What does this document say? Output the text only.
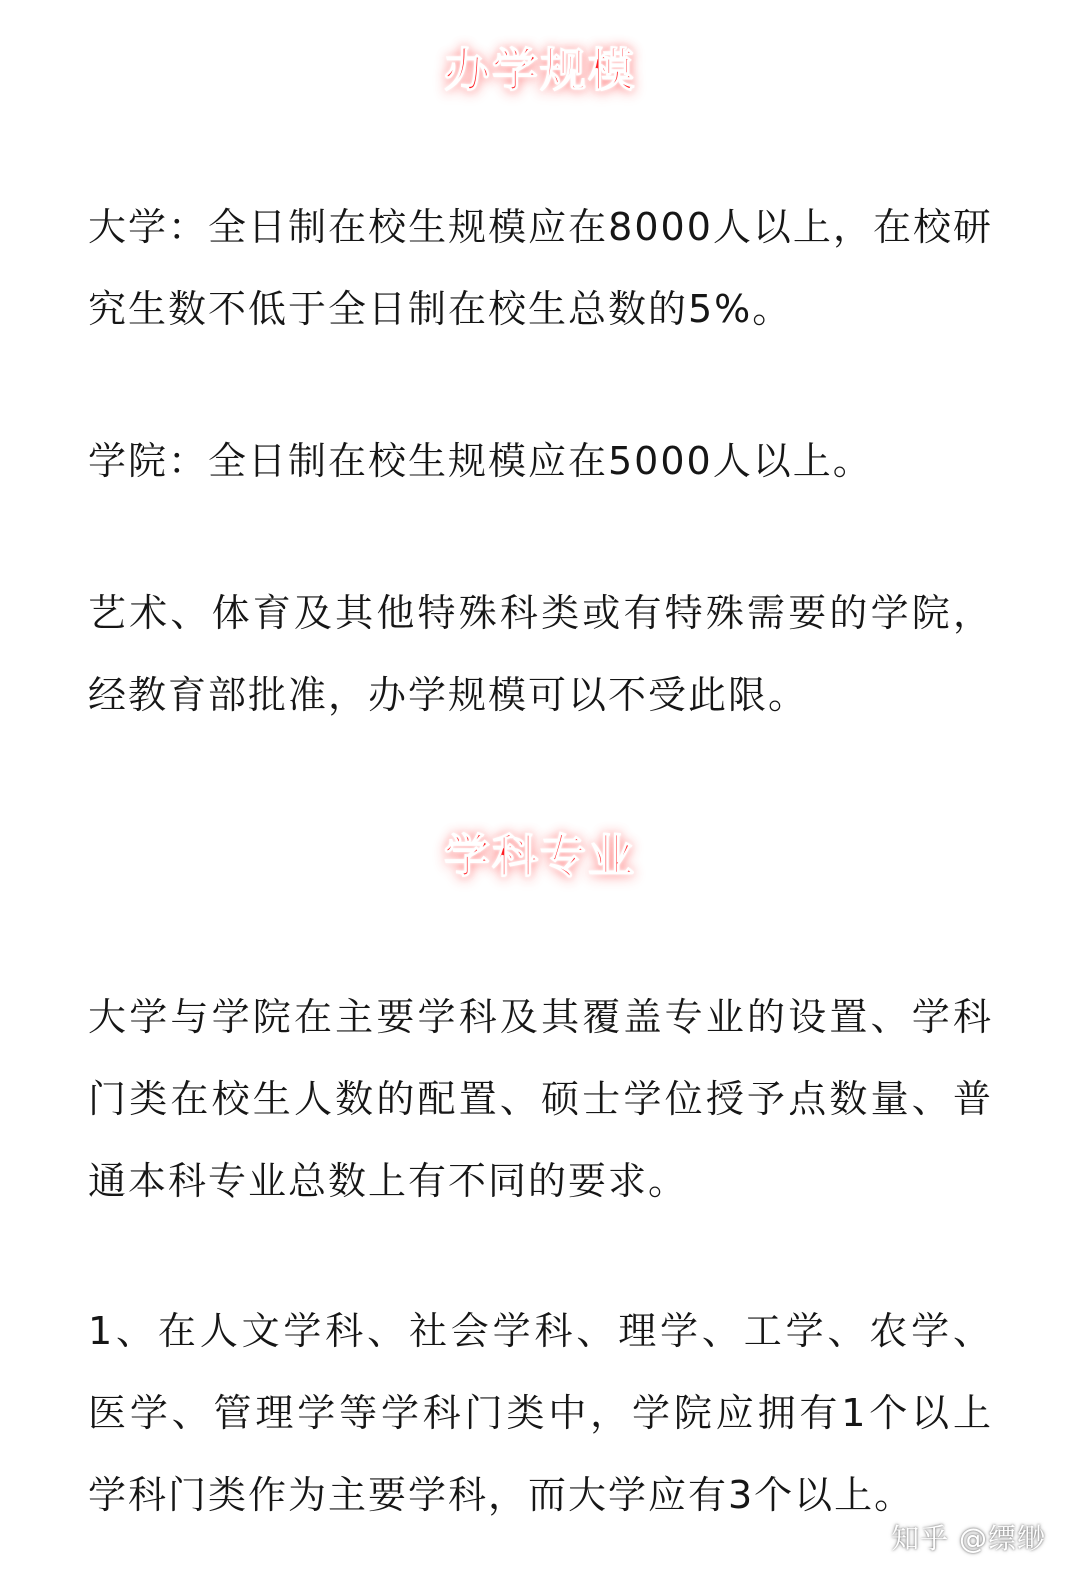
办学规模

大学：全日制在校生规模应在8000人以上，在校研究生数不低于全日制在校生总数的5%。

学院：全日制在校生规模应在5000人以上。

艺术、体育及其他特殊科类或有特殊需要的学院，经教育部批准，办学规模可以不受此限。

学科专业

大学与学院在主要学科及其覆盖专业的设置、学科门类在校生人数的配置、硕士学位授予点数量、普通本科专业总数上有不同的要求。

1、在人文学科、社会学科、理学、工学、农学、医学、管理学等学科门类中，学院应拥有1个以上学科门类作为主要学科，而大学应有3个以上。

知乎 @缥缈
